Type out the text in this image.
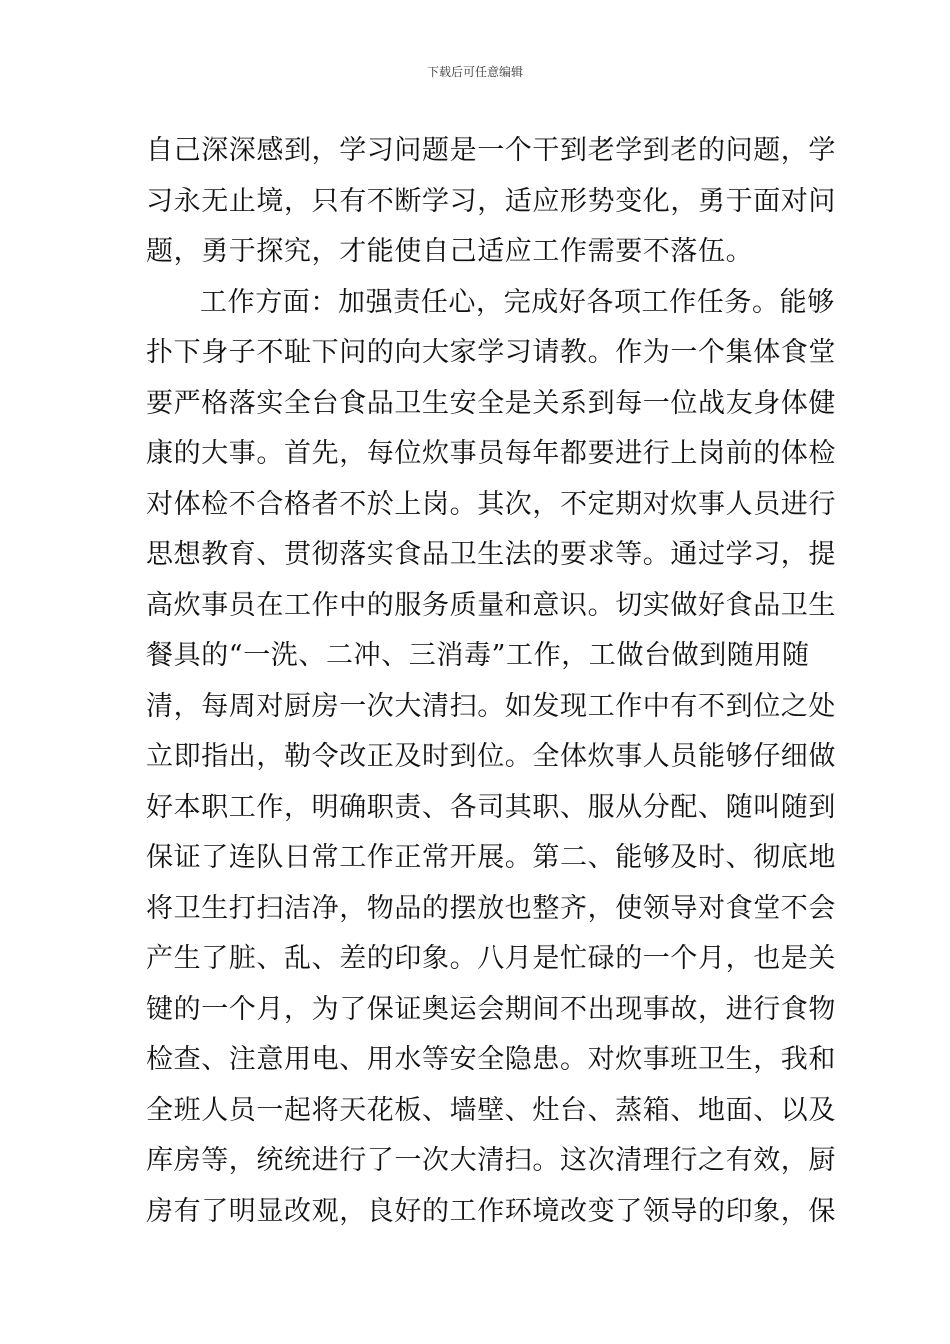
下载后可任意编辑
自己深深感到，学习问题是一个干到老学到老的问题，学
习永无止境，只有不断学习，适应形势变化，勇于面对问
题，勇于探究，才能使自己适应工作需要不落伍。
工作方面：加强责任心，完成好各项工作任务。能够
扑下身子不耻下问的向大家学习请教。作为一个集体食堂
要严格落实全台食品卫生安全是关系到每一位战友身体健
康的大事。首先，每位炊事员每年都要进行上岗前的体检
对体检不合格者不於上岗。其次，不定期对炊事人员进行
思想教育、贯彻落实食品卫生法的要求等。通过学习，提
高炊事员在工作中的服务质量和意识。切实做好食品卫生
餐具的“一洗、二冲、三消毒”工作，工做台做到随用随
清，每周对厨房一次大清扫。如发现工作中有不到位之处
立即指出，勒令改正及时到位。全体炊事人员能够仔细做
好本职工作，明确职责、各司其职、服从分配、随叫随到
保证了连队日常工作正常开展。第二、能够及时、彻底地
将卫生打扫洁净，物品的摆放也整齐，使领导对食堂不会
产生了脏、乱、差的印象。八月是忙碌的一个月，也是关
键的一个月，为了保证奥运会期间不出现事故，进行食物
检查、注意用电、用水等安全隐患。对炊事班卫生，我和
全班人员一起将天花板、墙壁、灶台、蒸箱、地面、以及
库房等，统统进行了一次大清扫。这次清理行之有效，厨
房有了明显改观，良好的工作环境改变了领导的印象，保
